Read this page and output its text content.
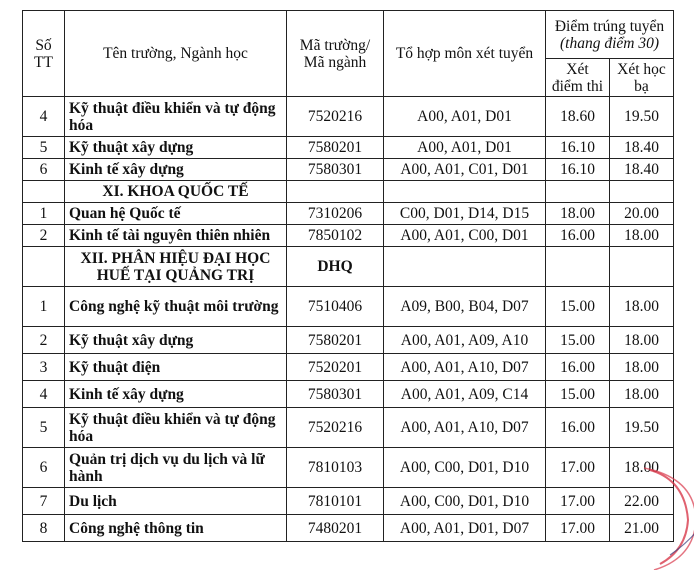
Số TT	Tên trường, Ngành học	Mã trường/ Mã ngành	Tổ hợp môn xét tuyển	Điểm trúng tuyển
(thang điểm 30)	

				Xét điểm thi	Xét học bạ
4	Kỹ thuật điều khiển và tự động hóa	7520216	A00, A01, D01	18.60	19.50
5	Kỹ thuật xây dựng	7580201	A00, A01, D01	16.10	18.40
6	Kinh tế xây dựng	7580301	A00, A01, C01, D01	16.10	18.40
	XI. KHOA QUỐC TẾ				
1	Quan hệ Quốc tế	7310206	C00, D01, D14, D15	18.00	20.00
2	Kinh tế tài nguyên thiên nhiên	7850102	A00, A01, C00, D01	16.00	18.00
	XII. PHÂN HIỆU ĐẠI HỌC HUẾ TẠI QUẢNG TRỊ	DHQ			
1	Công nghệ kỹ thuật môi trường	7510406	A09, B00, B04, D07	15.00	18.00
2	Kỹ thuật xây dựng	7580201	A00, A01, A09, A10	15.00	18.00
3	Kỹ thuật điện	7520201	A00, A01, A10, D07	16.00	18.00
4	Kinh tế xây dựng	7580301	A00, A01, A09, C14	15.00	18.00
5	Kỹ thuật điều khiển và tự động hóa	7520216	A00, A01, A10, D07	16.00	19.50
6	Quản trị dịch vụ du lịch và lữ hành	7810103	A00, C00, D01, D10	17.00	18.00
7	Du lịch	7810101	A00, C00, D01, D10	17.00	22.00
8	Công nghệ thông tin	7480201	A00, A01, D01, D07	17.00	21.00
